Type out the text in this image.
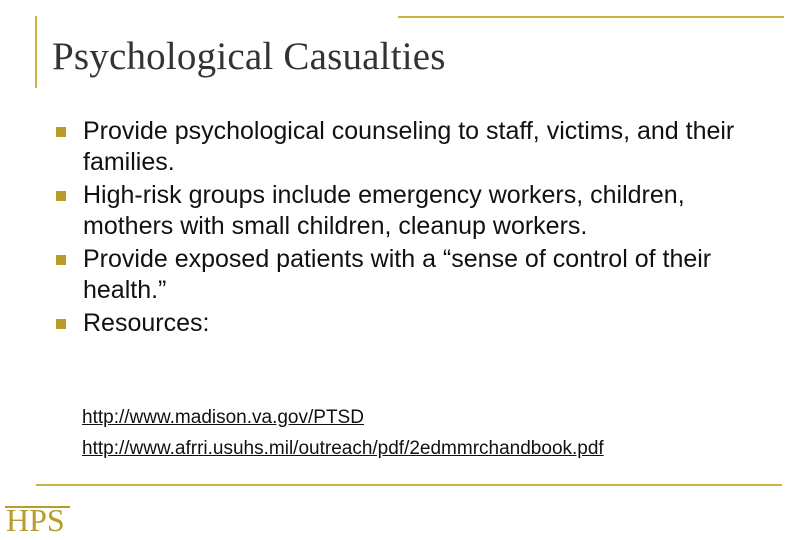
Psychological Casualties
Provide psychological counseling to staff, victims, and their families.
High-risk groups include emergency workers, children, mothers with small children, cleanup workers.
Provide exposed patients with a “sense of control of their health.”
Resources:
http://www.madison.va.gov/PTSD
http://www.afrri.usuhs.mil/outreach/pdf/2edmmrchandbook.pdf
HPS
